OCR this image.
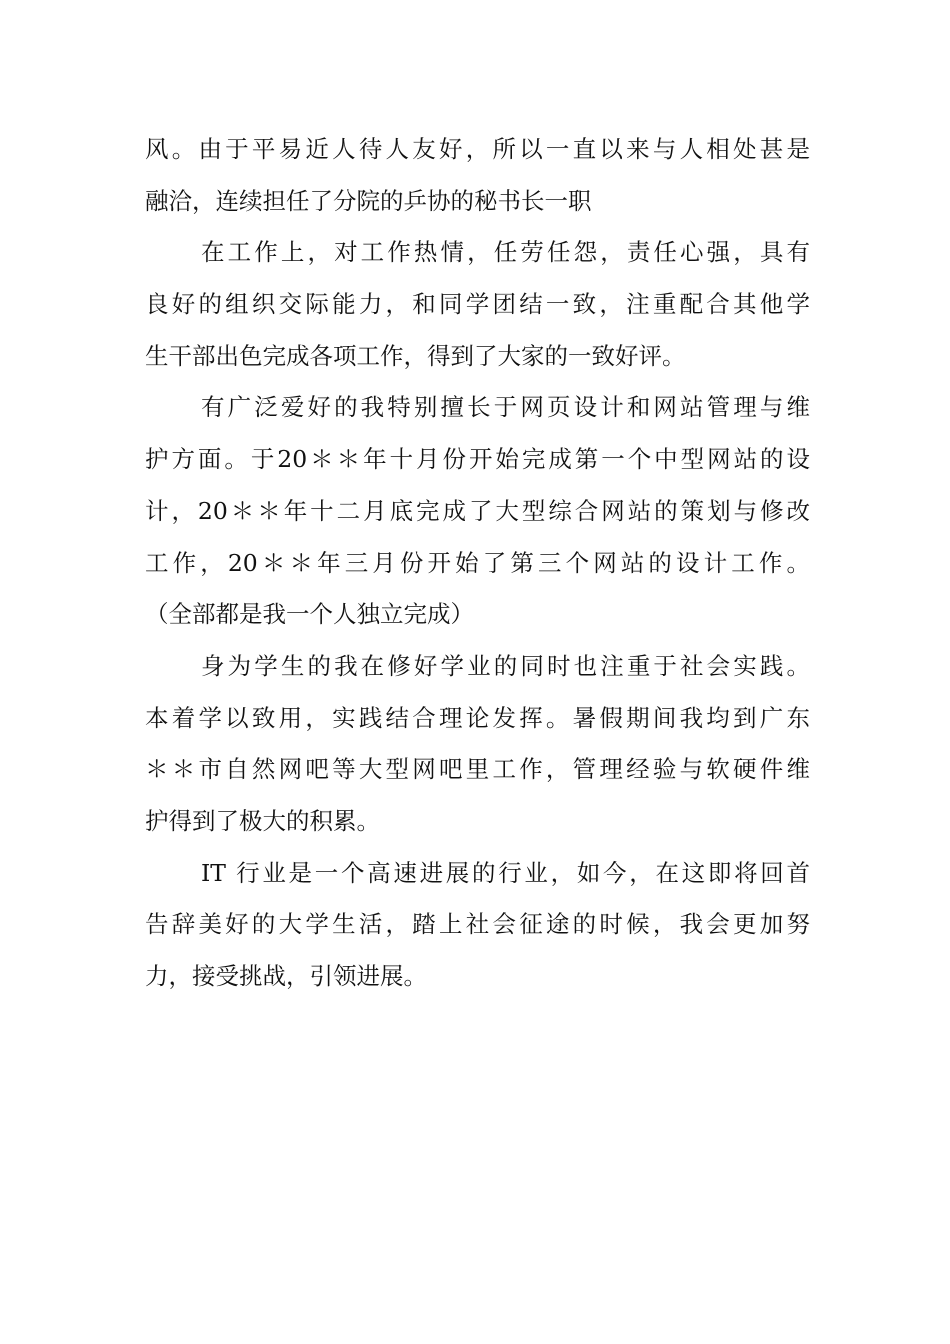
风。由于平易近人待人友好，所以一直以来与人相处甚是
融洽，连续担任了分院的乒协的秘书长一职
在工作上，对工作热情，任劳任怨，责任心强，具有
良好的组织交际能力，和同学团结一致，注重配合其他学
生干部出色完成各项工作，得到了大家的一致好评。
有广泛爱好的我特别擅长于网页设计和网站管理与维
护方面。于20＊＊年十月份开始完成第一个中型网站的设
计，20＊＊年十二月底完成了大型综合网站的策划与修改
工作，20＊＊年三月份开始了第三个网站的设计工作。
（全部都是我一个人独立完成）
身为学生的我在修好学业的同时也注重于社会实践。
本着学以致用，实践结合理论发挥。暑假期间我均到广东
＊＊市自然网吧等大型网吧里工作，管理经验与软硬件维
护得到了极大的积累。
IT 行业是一个高速进展的行业，如今，在这即将回首
告辞美好的大学生活，踏上社会征途的时候，我会更加努
力，接受挑战，引领进展。
